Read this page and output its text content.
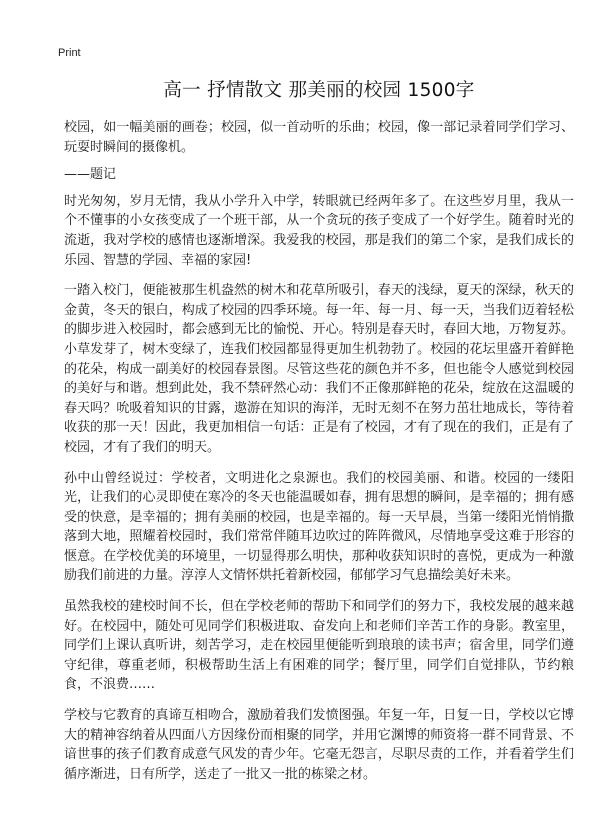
Print
高一 抒情散文 那美丽的校园 1500字

校园，如一幅美丽的画卷；校园，似一首动听的乐曲；校园，像一部记录着同学们学习、玩耍时瞬间的摄像机。

——题记

时光匆匆，岁月无情，我从小学升入中学，转眼就已经两年多了。在这些岁月里，我从一个不懂事的小女孩变成了一个班干部，从一个贪玩的孩子变成了一个好学生。随着时光的流逝，我对学校的感情也逐渐增深。我爱我的校园，那是我们的第二个家，是我们成长的乐园、智慧的学园、幸福的家园!

一踏入校门，便能被那生机盎然的树木和花草所吸引，春天的浅绿，夏天的深绿，秋天的金黄，冬天的银白，构成了校园的四季环境。每一年、每一月、每一天，当我们迈着轻松的脚步进入校园时，都会感到无比的愉悦、开心。特别是春天时，春回大地，万物复苏。小草发芽了，树木变绿了，连我们校园都显得更加生机勃勃了。校园的花坛里盛开着鲜艳的花朵，构成一副美好的校园春景图。尽管这些花的颜色并不多，但也能令人感觉到校园的美好与和谐。想到此处，我不禁砰然心动：我们不正像那鲜艳的花朵，绽放在这温暖的春天吗？吮吸着知识的甘露，遨游在知识的海洋，无时无刻不在努力茁壮地成长，等待着收获的那一天！因此，我更加相信一句话：正是有了校园，才有了现在的我们，正是有了校园，才有了我们的明天。

孙中山曾经说过：学校者，文明进化之泉源也。我们的校园美丽、和谐。校园的一缕阳光，让我们的心灵即使在寒冷的冬天也能温暖如春，拥有思想的瞬间，是幸福的；拥有感受的快意，是幸福的；拥有美丽的校园，也是幸福的。每一天早晨，当第一缕阳光悄悄撒落到大地，照耀着校园时，我们常常伴随耳边吹过的阵阵微风，尽情地享受这难于形容的惬意。在学校优美的环境里，一切显得那么明快，那种收获知识时的喜悦，更成为一种激励我们前进的力量。淳淳人文情怀烘托着新校园，郁郁学习气息描绘美好未来。

虽然我校的建校时间不长，但在学校老师的帮助下和同学们的努力下，我校发展的越来越好。在校园中，随处可见同学们积极进取、奋发向上和老师们辛苦工作的身影。教室里，同学们上课认真听讲，刻苦学习，走在校园里便能听到琅琅的读书声；宿舍里，同学们遵守纪律，尊重老师，积极帮助生活上有困难的同学；餐厅里，同学们自觉排队，节约粮食，不浪费……

学校与它教育的真谛互相吻合，激励着我们发愤图强。年复一年，日复一日，学校以它博大的精神容纳着从四面八方因缘份而相聚的同学，并用它渊博的师资将一群不同背景、不谙世事的孩子们教育成意气风发的青少年。它毫无怨言，尽职尽责的工作，并看着学生们循序渐进，日有所学，送走了一批又一批的栋梁之材。
